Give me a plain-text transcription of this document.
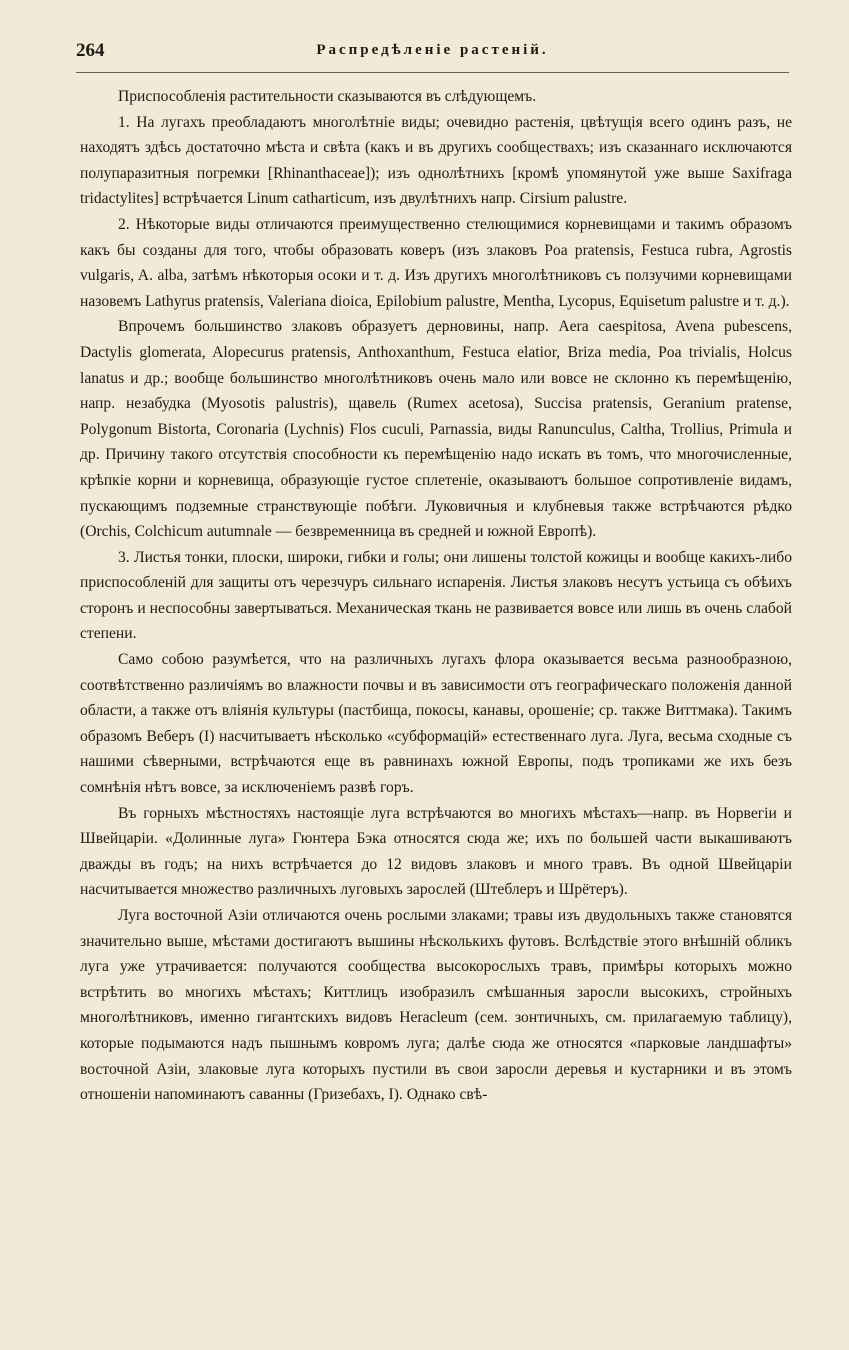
264	Распредѣленіе растеній.

Приспособленія растительности сказываются въ слѣдующемъ.

1. На лугахъ преобладаютъ многолѣтніе виды; очевидно растенія, цвѣтущія всего одинъ разъ, не находятъ здѣсь достаточно мѣста и свѣта (какъ и въ другихъ сообществахъ; изъ сказаннаго исключаются полупаразитныя погремки [Rhinanthaceae]); изъ однолѣтнихъ [кромѣ упомянутой уже выше Saxifraga tridactylites] встрѣчается Linum catharticum, изъ двулѣтнихъ напр. Cirsium palustre.

2. Нѣкоторые виды отличаются преимущественно стелющимися корневищами и такимъ образомъ какъ бы созданы для того, чтобы образовать коверъ (изъ злаковъ Poa pratensis, Festuca rubra, Agrostis vulgaris, A. alba, затѣмъ нѣкоторыя осоки и т. д. Изъ другихъ многолѣтниковъ съ ползучими корневищами назовемъ Lathyrus pratensis, Valeriana dioica, Epilobium palustre, Mentha, Lycopus, Equisetum palustre и т. д.).

Впрочемъ большинство злаковъ образуетъ дерновины, напр. Aera caespitosa, Avena pubescens, Dactylis glomerata, Alopecurus pratensis, Anthoxanthum, Festuca elatior, Briza media, Poa trivialis, Holcus lanatus и др.; вообще большинство многолѣтниковъ очень мало или вовсе не склонно къ перемѣщенію, напр. незабудка (Myosotis palustris), щавель (Rumex acetosa), Succisa pratensis, Geranium pratense, Polygonum Bistorta, Coronaria (Lychnis) Flos cuculi, Parnassia, виды Ranunculus, Caltha, Trollius, Primula и др. Причину такого отсутствія способности къ перемѣщенію надо искать въ томъ, что многочисленные, крѣпкіе корни и корневища, образующіе густое сплетеніе, оказываютъ большое сопротивленіе видамъ, пускающимъ подземные странствующіе побѣги. Луковичныя и клубневыя также встрѣчаются рѣдко (Orchis, Colchicum autumnale — безвременница въ средней и южной Европѣ).

3. Листья тонки, плоски, широки, гибки и голы; они лишены толстой кожицы и вообще какихъ-либо приспособленій для защиты отъ черезчуръ сильнаго испаренія. Листья злаковъ несутъ устьица съ обѣихъ сторонъ и неспособны завертываться. Механическая ткань не развивается вовсе или лишь въ очень слабой степени.

Само собою разумѣется, что на различныхъ лугахъ флора оказывается весьма разнообразною, соотвѣтственно различіямъ во влажности почвы и въ зависимости отъ географическаго положенія данной области, а также отъ вліянія культуры (пастбища, покосы, канавы, орошеніе; ср. также Виттмака). Такимъ образомъ Веберъ (I) насчитываетъ нѣсколько «субформацій» естественнаго луга. Луга, весьма сходные съ нашими сѣверными, встрѣчаются еще въ равнинахъ южной Европы, подъ тропиками же ихъ безъ сомнѣнія нѣтъ вовсе, за исключеніемъ развѣ горъ.

Въ горныхъ мѣстностяхъ настоящіе луга встрѣчаются во многихъ мѣстахъ—напр. въ Норвегіи и Швейцаріи. «Долинные луга» Гюнтера Бэка относятся сюда же; ихъ по большей части выкашиваютъ дважды въ годъ; на нихъ встрѣчается до 12 видовъ злаковъ и много травъ. Въ одной Швейцаріи насчитывается множество различныхъ луговыхъ зарослей (Штеблеръ и Шрётеръ).

Луга восточной Азіи отличаются очень рослыми злаками; травы изъ двудольныхъ также становятся значительно выше, мѣстами достигаютъ вышины нѣсколькихъ футовъ. Вслѣдствіе этого внѣшній обликъ луга уже утрачивается: получаются сообщества высокорослыхъ травъ, примѣры которыхъ можно встрѣтить во многихъ мѣстахъ; Киттлицъ изобразилъ смѣшанныя заросли высокихъ, стройныхъ многолѣтниковъ, именно гигантскихъ видовъ Heracleum (сем. зонтичныхъ, см. прилагаемую таблицу), которые подымаются надъ пышнымъ ковромъ луга; далѣе сюда же относятся «парковые ландшафты» восточной Азіи, злаковые луга которыхъ пустили въ свои заросли деревья и кустарники и въ этомъ отношеніи напоминаютъ саванны (Гризебахъ, I). Однако свѣ-
